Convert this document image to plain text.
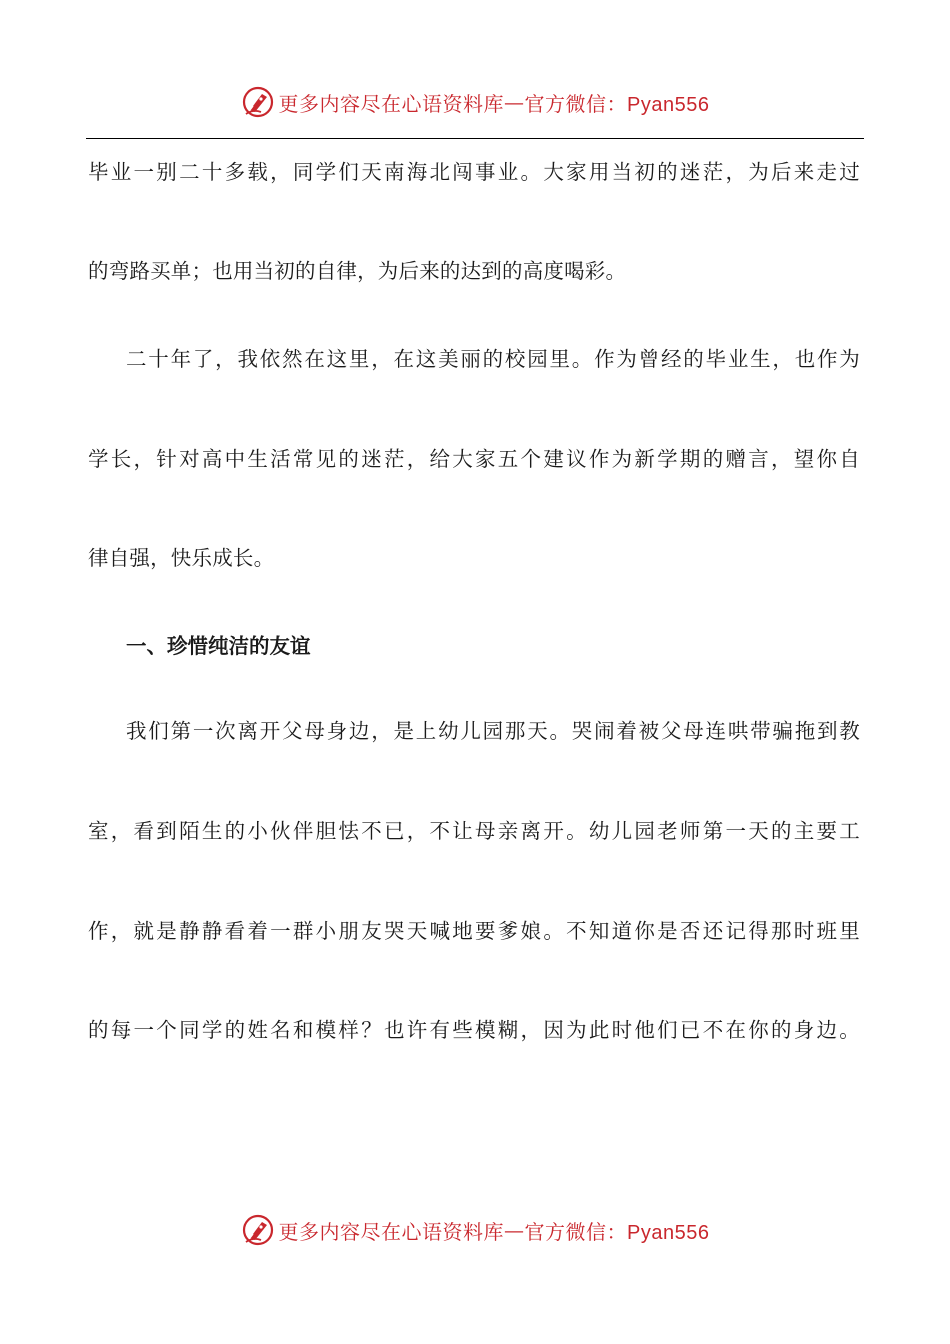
更多内容尽在心语资料库 — 官方微信：Pyan556
毕业一别二十多载，同学们天南海北闯事业。大家用当初的迷茫，为后来走过
的弯路买单；也用当初的自律，为后来的达到的高度喝彩。
二十年了，我依然在这里，在这美丽的校园里。作为曾经的毕业生，也作为
学长，针对高中生活常见的迷茫，给大家五个建议作为新学期的赠言，望你自
律自强，快乐成长。
一、珍惜纯洁的友谊
我们第一次离开父母身边，是上幼儿园那天。哭闹着被父母连哄带骗拖到教
室，看到陌生的小伙伴胆怯不已，不让母亲离开。幼儿园老师第一天的主要工
作，就是静静看着一群小朋友哭天喊地要爹娘。不知道你是否还记得那时班里
的每一个同学的姓名和模样？也许有些模糊，因为此时他们已不在你的身边。
更多内容尽在心语资料库 — 官方微信：Pyan556
